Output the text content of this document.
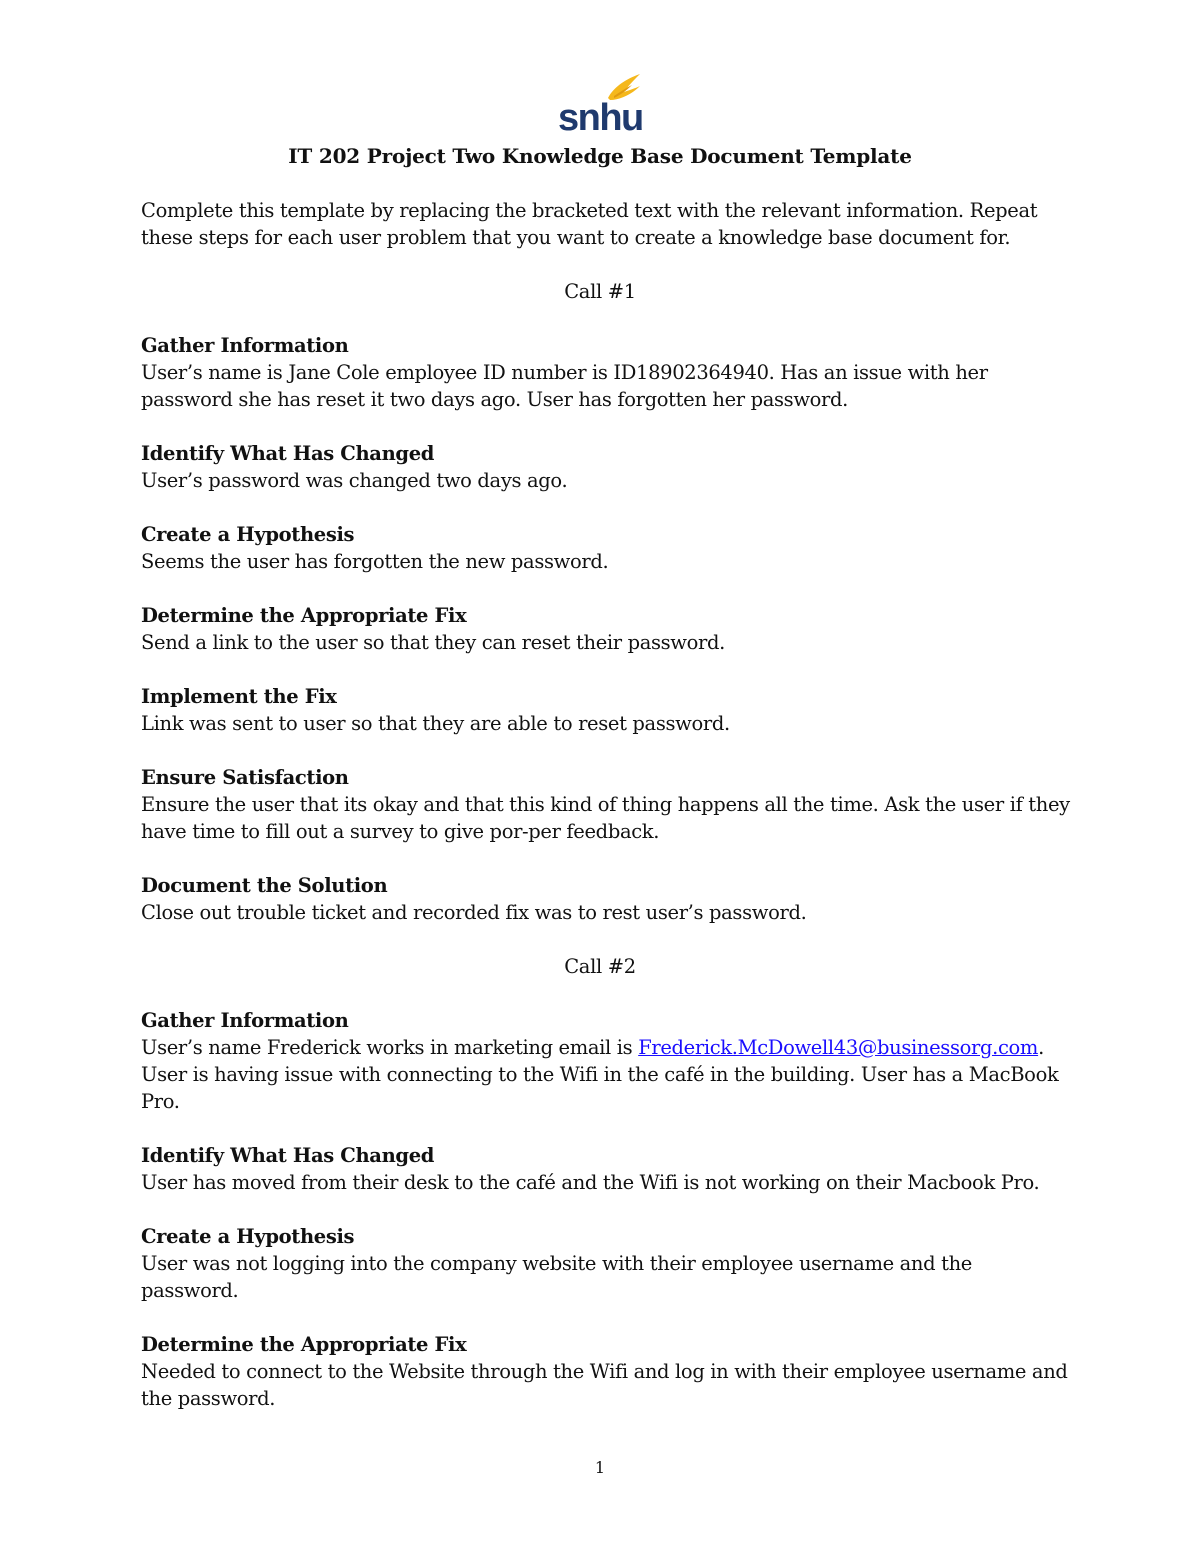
snhu
IT 202 Project Two Knowledge Base Document Template

Complete this template by replacing the bracketed text with the relevant information. Repeat these steps for each user problem that you want to create a knowledge base document for.

Call #1
Gather Information

User’s name is Jane Cole employee ID number is ID18902364940. Has an issue with her password she has reset it two days ago. User has forgotten her password.

Identify What Has Changed

User’s password was changed two days ago.

Create a Hypothesis

Seems the user has forgotten the new password.

Determine the Appropriate Fix

Send a link to the user so that they can reset their password.

Implement the Fix

Link was sent to user so that they are able to reset password.

Ensure Satisfaction

Ensure the user that its okay and that this kind of thing happens all the time. Ask the user if they have time to fill out a survey to give por-per feedback.

Document the Solution

Close out trouble ticket and recorded fix was to rest user’s password.

Call #2
Gather Information

User’s name Frederick works in marketing email is Frederick.McDowell43@businessorg.com. User is having issue with connecting to the Wifi in the café in the building. User has a MacBook Pro.

Identify What Has Changed

User has moved from their desk to the café and the Wifi is not working on their Macbook Pro.

Create a Hypothesis

User was not logging into the company website with their employee username and the password.

Determine the Appropriate Fix

Needed to connect to the Website through the Wifi and log in with their employee username and the password.

1
